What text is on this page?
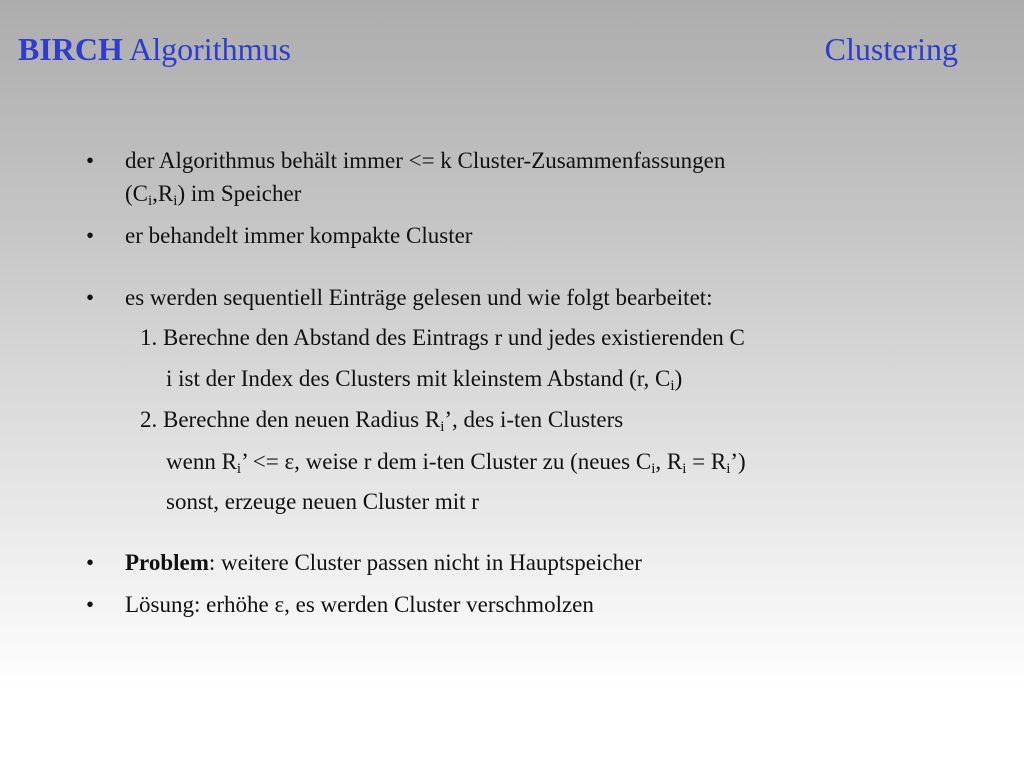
BIRCH Algorithmus	Clustering
• der Algorithmus behält immer <= k Cluster-Zusammenfassungen
$(C_i,R_i)$ im Speicher
• er behandelt immer kompakte Cluster
• es werden sequentiell Einträge gelesen und wie folgt bearbeitet:
1. Berechne den Abstand des Eintrags r und jedes existierenden C
i ist der Index des Clusters mit kleinstem Abstand (r, $C_i$)
2. Berechne den neuen Radius $R_i$’, des i-ten Clusters
wenn $R_i$’ <= ε, weise r dem i-ten Cluster zu (neues $C_i$, $R_i$ = $R_i$’)
sonst, erzeuge neuen Cluster mit r
• Problem: weitere Cluster passen nicht in Hauptspeicher
• Lösung: erhöhe ε, es werden Cluster verschmolzen
